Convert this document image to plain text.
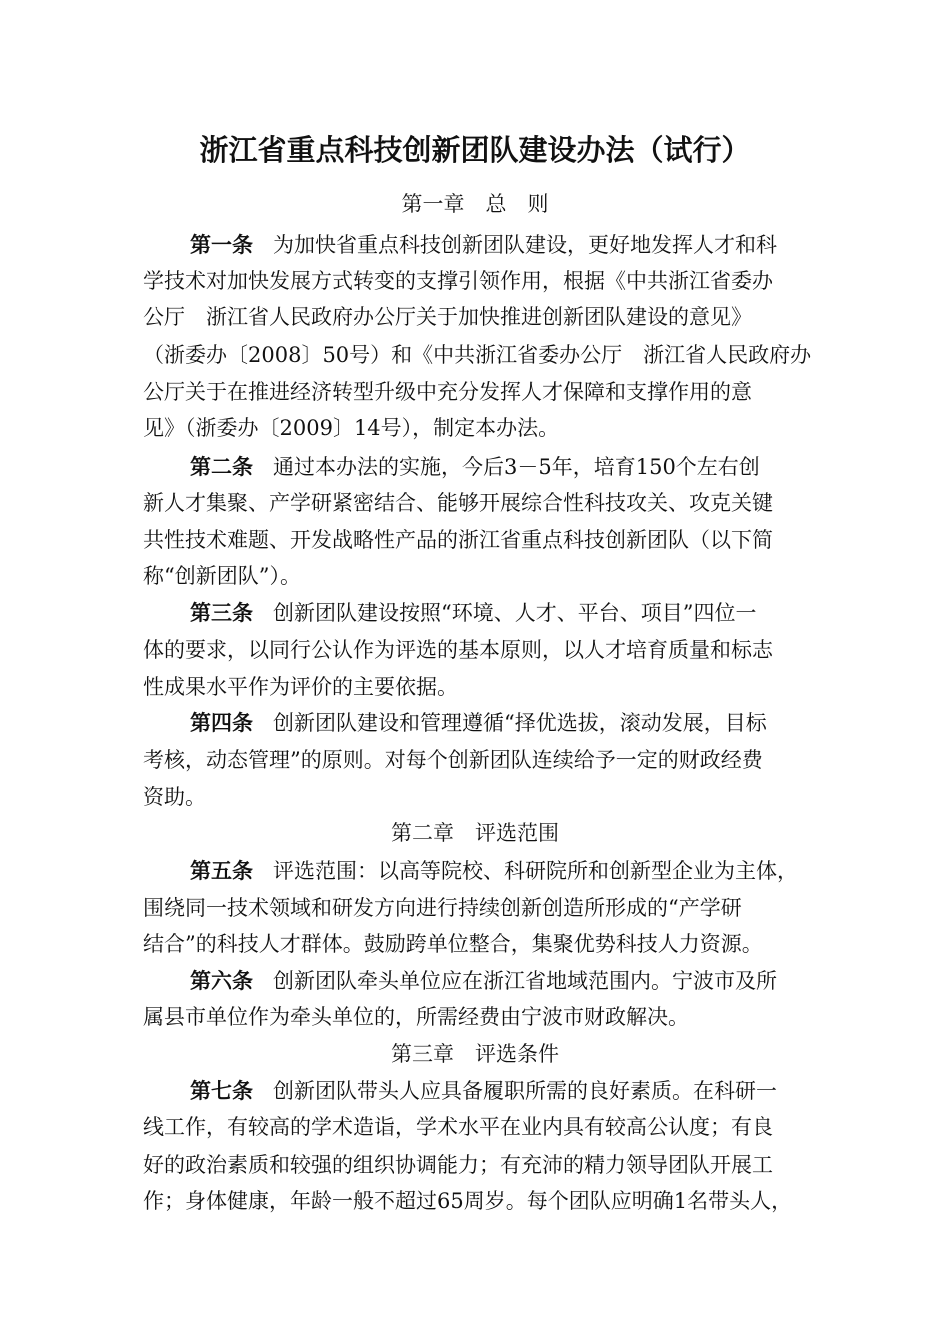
浙江省重点科技创新团队建设办法（试行）
第一章　总　则
第一条 为加快省重点科技创新团队建设，更好地发挥人才和科
学技术对加快发展方式转变的支撑引领作用，根据《中共浙江省委办
公厅　浙江省人民政府办公厅关于加快推进创新团队建设的意见》
（浙委办〔2008〕50号）和《中共浙江省委办公厅　浙江省人民政府办
公厅关于在推进经济转型升级中充分发挥人才保障和支撑作用的意
见》（浙委办〔2009〕14号），制定本办法。
第二条 通过本办法的实施，今后3－5年，培育150个左右创
新人才集聚、产学研紧密结合、能够开展综合性科技攻关、攻克关键
共性技术难题、开发战略性产品的浙江省重点科技创新团队（以下简
称“创新团队”）。
第三条 创新团队建设按照“环境、人才、平台、项目”四位一
体的要求，以同行公认作为评选的基本原则，以人才培育质量和标志
性成果水平作为评价的主要依据。
第四条 创新团队建设和管理遵循“择优选拔，滚动发展，目标
考核，动态管理”的原则。对每个创新团队连续给予一定的财政经费
资助。
第二章　评选范围
第五条 评选范围：以高等院校、科研院所和创新型企业为主体，
围绕同一技术领域和研发方向进行持续创新创造所形成的“产学研
结合”的科技人才群体。鼓励跨单位整合，集聚优势科技人力资源。
第六条 创新团队牵头单位应在浙江省地域范围内。宁波市及所
属县市单位作为牵头单位的，所需经费由宁波市财政解决。
第三章　评选条件
第七条 创新团队带头人应具备履职所需的良好素质。在科研一
线工作，有较高的学术造诣，学术水平在业内具有较高公认度；有良
好的政治素质和较强的组织协调能力；有充沛的精力领导团队开展工
作；身体健康，年龄一般不超过65周岁。每个团队应明确1名带头人，
